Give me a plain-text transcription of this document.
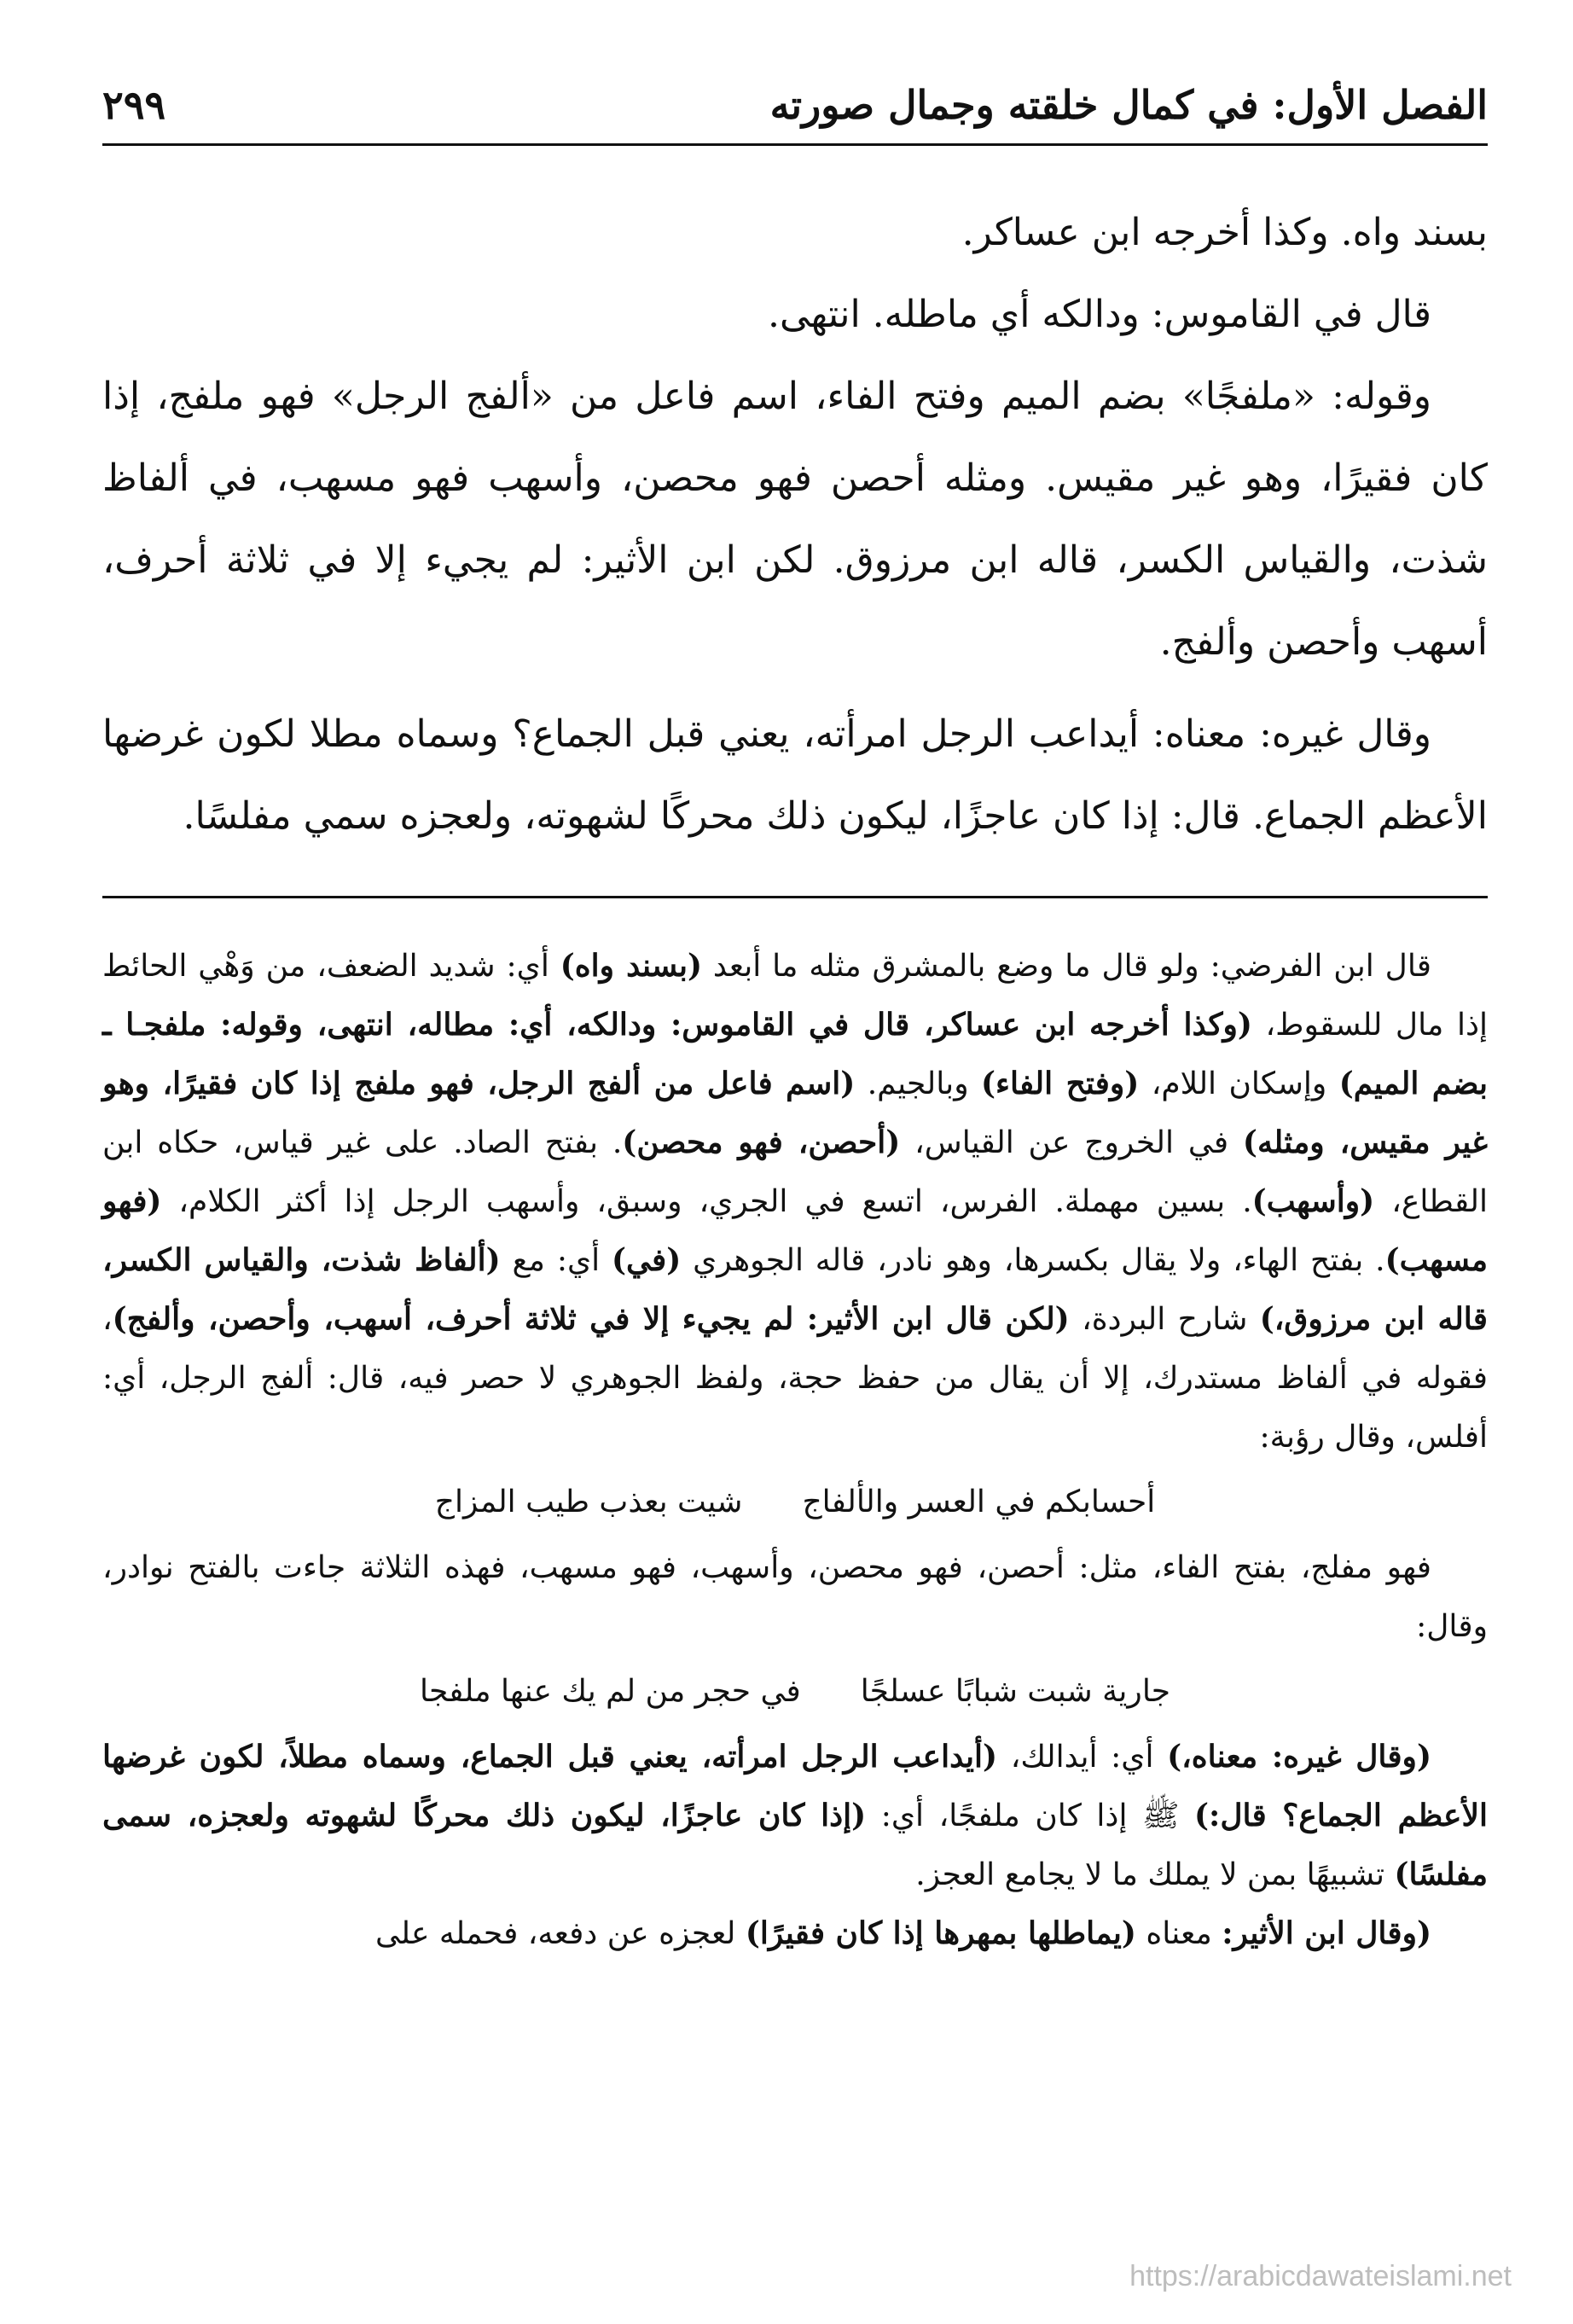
الفصل الأول: في كمال خلقته وجمال صورته
٢٩٩

بسند واه. وكذا أخرجه ابن عساكر.

قال في القاموس: ودالكه أي ماطله. انتهى.

وقوله: «ملفجًا» بضم الميم وفتح الفاء، اسم فاعل من «ألفج الرجل» فهو ملفج، إذا كان فقيرًا، وهو غير مقيس. ومثله أحصن فهو محصن، وأسهب فهو مسهب، في ألفاظ شذت، والقياس الكسر، قاله ابن مرزوق. لكن ابن الأثير: لم يجيء إلا في ثلاثة أحرف، أسهب وأحصن وألفج.

وقال غيره: معناه: أيداعب الرجل امرأته، يعني قبل الجماع؟ وسماه مطلا لكون غرضها الأعظم الجماع. قال: إذا كان عاجزًا، ليكون ذلك محركًا لشهوته، ولعجزه سمي مفلسًا.

قال ابن الفرضي: ولو قال ما وضع بالمشرق مثله ما أبعد (بسند واه) أي: شديد الضعف، من وَهْي الحائط إذا مال للسقوط، (وكذا أخرجه ابن عساكر، قال في القاموس: ودالكه، أي: مطاله، انتهى، وقوله: ملفجـا ـ بضم الميم) وإسكان اللام، (وفتح الفاء) وبالجيم. (اسم فاعل من ألفج الرجل، فهو ملفج إذا كان فقيرًا، وهو غير مقيس، ومثله) في الخروج عن القياس، (أحصن، فهو محصن). بفتح الصاد. على غير قياس، حكاه ابن القطاع، (وأسهب). بسين مهملة. الفرس، اتسع في الجري، وسبق، وأسهب الرجل إذا أكثر الكلام، (فهو مسهب). بفتح الهاء، ولا يقال بكسرها، وهو نادر، قاله الجوهري (في) أي: مع (ألفاظ شذت، والقياس الكسر، قاله ابن مرزوق،) شارح البردة، (لكن قال ابن الأثير: لم يجيء إلا في ثلاثة أحرف، أسهب، وأحصن، وألفج)، فقوله في ألفاظ مستدرك، إلا أن يقال من حفظ حجة، ولفظ الجوهري لا حصر فيه، قال: ألفج الرجل، أي: أفلس، وقال رؤبة:

أحسابكم في العسر والألفاج
شيت بعذب طيب المزاج

فهو مفلج، بفتح الفاء، مثل: أحصن، فهو محصن، وأسهب، فهو مسهب، فهذه الثلاثة جاءت بالفتح نوادر، وقال:

جارية شبت شبابًا عسلجًا
في حجر من لم يك عنها ملفجا

(وقال غيره: معناه،) أي: أيدالك، (أيداعب الرجل امرأته، يعني قبل الجماع، وسماه مطلاً، لكون غرضها الأعظم الجماع؟ قال:) ﷺ إذا كان ملفجًا، أي: (إذا كان عاجزًا، ليكون ذلك محركًا لشهوته ولعجزه، سمى مفلسًا) تشبيهًا بمن لا يملك ما لا يجامع العجز.

(وقال ابن الأثير: معناه (يماطلها بمهرها إذا كان فقيرًا) لعجزه عن دفعه، فحمله على

https://arabicdawateislami.net
